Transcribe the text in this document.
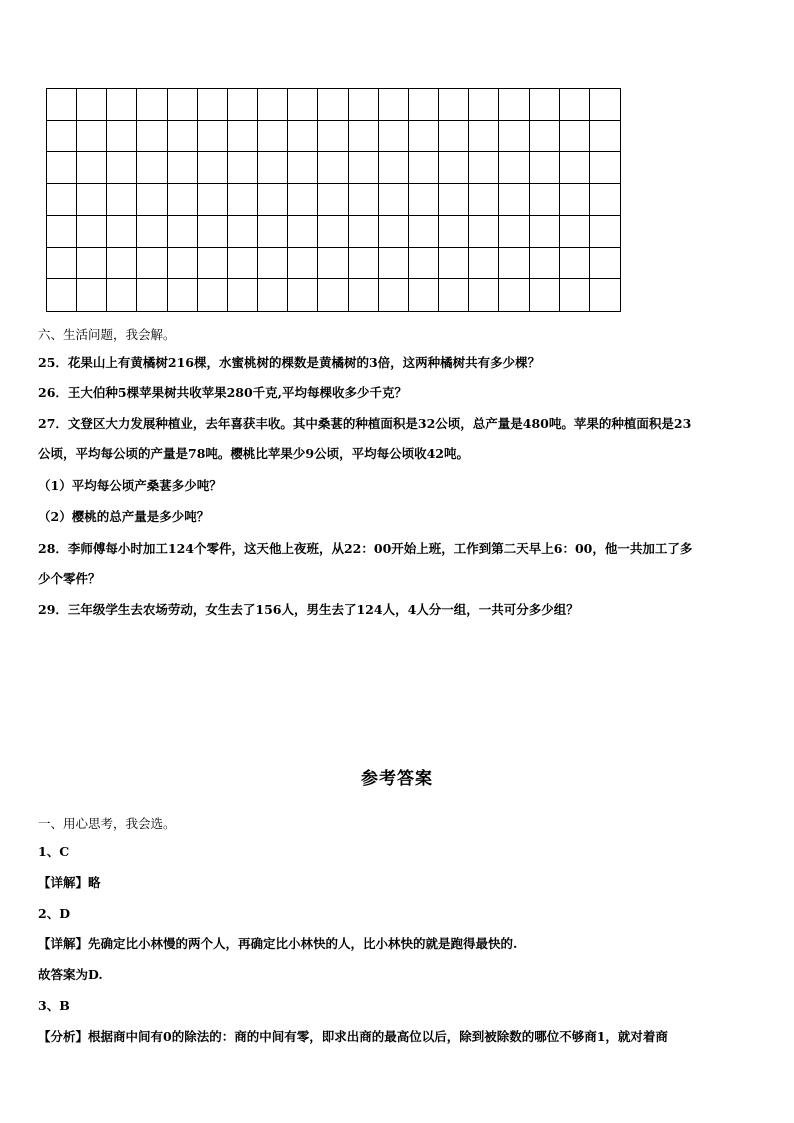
六、生活问题，我会解。
25．花果山上有黄橘树216棵，水蜜桃树的棵数是黄橘树的3倍，这两种橘树共有多少棵？
26．王大伯种5棵苹果树共收苹果280千克,平均每棵收多少千克？
27．文登区大力发展种植业，去年喜获丰收。其中桑葚的种植面积是32公顷，总产量是480吨。苹果的种植面积是23
公顷，平均每公顷的产量是78吨。樱桃比苹果少9公顷，平均每公顷收42吨。
（1）平均每公顷产桑葚多少吨？
（2）樱桃的总产量是多少吨？
28．李师傅每小时加工124个零件，这天他上夜班，从22：00开始上班，工作到第二天早上6：00，他一共加工了多
少个零件？
29．三年级学生去农场劳动，女生去了156人，男生去了124人，4人分一组，一共可分多少组？
参考答案
一、用心思考，我会选。
1、C
【详解】略
2、D
【详解】先确定比小林慢的两个人，再确定比小林快的人，比小林快的就是跑得最快的.
故答案为D.
3、B
【分析】根据商中间有0的除法的：商的中间有零，即求出商的最高位以后，除到被除数的哪位不够商1，就对着商
